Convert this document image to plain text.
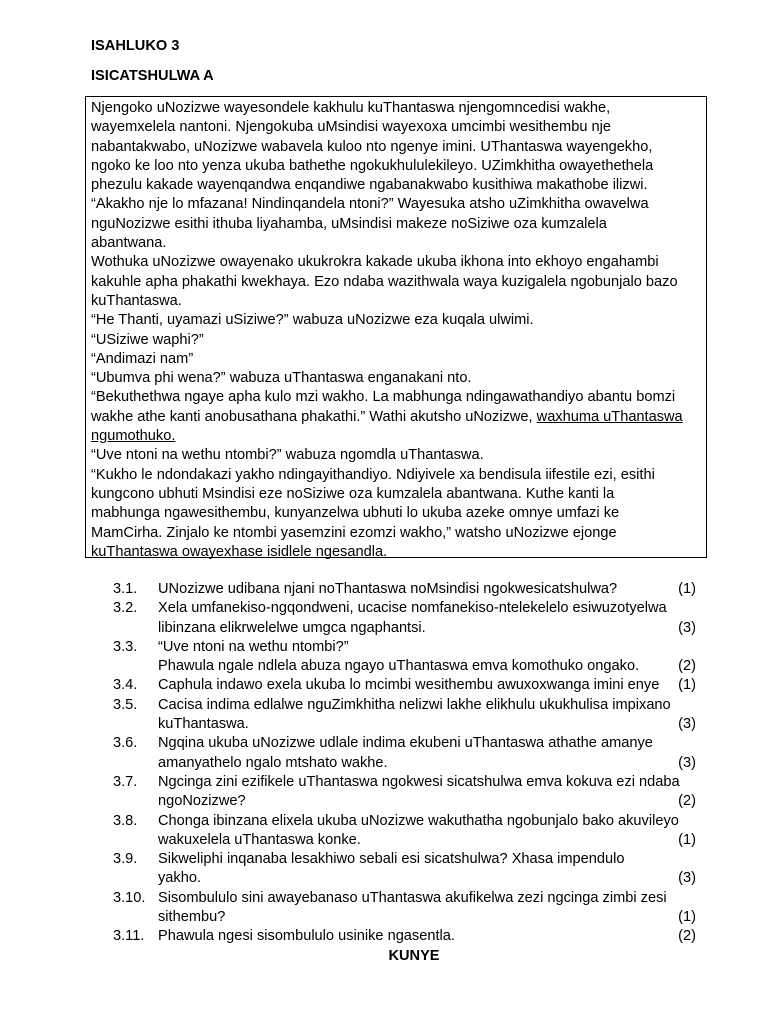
ISAHLUKO 3
ISICATSHULWA A
Njengoko uNozizwe wayesondele kakhulu kuThantaswa njengomncedisi wakhe,
wayemxelela nantoni. Njengokuba uMsindisi wayexoxa umcimbi wesithembu nje
nabantakwabo, uNozizwe wabavela kuloo nto ngenye imini. UThantaswa wayengekho,
ngoko ke loo nto yenza ukuba bathethe ngokukhululekileyo. UZimkhitha owayethethela
phezulu kakade wayenqandwa enqandiwe ngabanakwabo kusithiwa makathobe ilizwi.
“Akakho nje lo mfazana! Nindinqandela ntoni?” Wayesuka atsho uZimkhitha owavelwa
nguNozizwe esithi ithuba liyahamba, uMsindisi makeze noSiziwe oza kumzalela
abantwana.
Wothuka uNozizwe owayenako ukukrokra kakade ukuba ikhona into ekhoyo engahambi
kakuhle apha phakathi kwekhaya. Ezo ndaba wazithwala waya kuzigalela ngobunjalo bazo
kuThantaswa.
“He Thanti, uyamazi uSiziwe?” wabuza uNozizwe eza kuqala ulwimi.
“USiziwe waphi?”
“Andimazi nam”
“Ubumva phi wena?” wabuza uThantaswa enganakani nto.
“Bekuthethwa ngaye apha kulo mzi wakho. La mabhunga ndingawathandiyo abantu bomzi
wakhe athe kanti anobusathana phakathi.” Wathi akutsho uNozizwe, waxhuma uThantaswa
ngumothuko.
“Uve ntoni na wethu ntombi?” wabuza ngomdla uThantaswa.
“Kukho le ndondakazi yakho ndingayithandiyo. Ndiyivele xa bendisula iifestile ezi, esithi
kungcono ubhuti Msindisi eze noSiziwe oza kumzalela abantwana. Kuthe kanti la
mabhunga ngawesithembu, kunyanzelwa ubhuti lo ukuba azeke omnye umfazi ke
MamCirha. Zinjalo ke ntombi yasemzini ezomzi wakho,” watsho uNozizwe ejonge
kuThantaswa owayexhase isidlele ngesandla.
3.1. UNozizwe udibana njani noThantaswa noMsindisi ngokwesicatshulwa?	(1)
3.2. Xela umfanekiso-ngqondweni, ucacise nomfanekiso-ntelekelelo esiwuzotyelwa
libinzana elikrwelelwe umgca ngaphantsi.	(3)
3.3. “Uve ntoni na wethu ntombi?”
Phawula ngale ndlela abuza ngayo uThantaswa emva komothuko ongako.	(2)
3.4. Caphula indawo exela ukuba lo mcimbi wesithembu awuxoxwanga imini enye (1)
3.5. Cacisa indima edlalwe nguZimkhitha nelizwi lakhe elikhulu ukukhulisa impixano
kuThantaswa.	(3)
3.6. Ngqina ukuba uNozizwe udlale indima ekubeni uThantaswa athathe amanye
amanyathelo ngalo mtshato wakhe.	(3)
3.7. Ngcinga zini ezifikele uThantaswa ngokwesi sicatshulwa emva kokuva ezi ndaba
ngoNozizwe?	(2)
3.8. Chonga ibinzana elixela ukuba uNozizwe wakuthatha ngobunjalo bako akuvileyo
wakuxelela uThantaswa konke.	(1)
3.9. Sikweliphi inqanaba lesakhiwo sebali esi sicatshulwa? Xhasa impendulo
yakho.	(3)
3.10. Sisombululo sini awayebanaso uThantaswa akufikelwa zezi ngcinga zimbi zesi
sithembu?	(1)
3.11. Phawula ngesi sisombululo usinike ngasentla.	(2)
KUNYE
